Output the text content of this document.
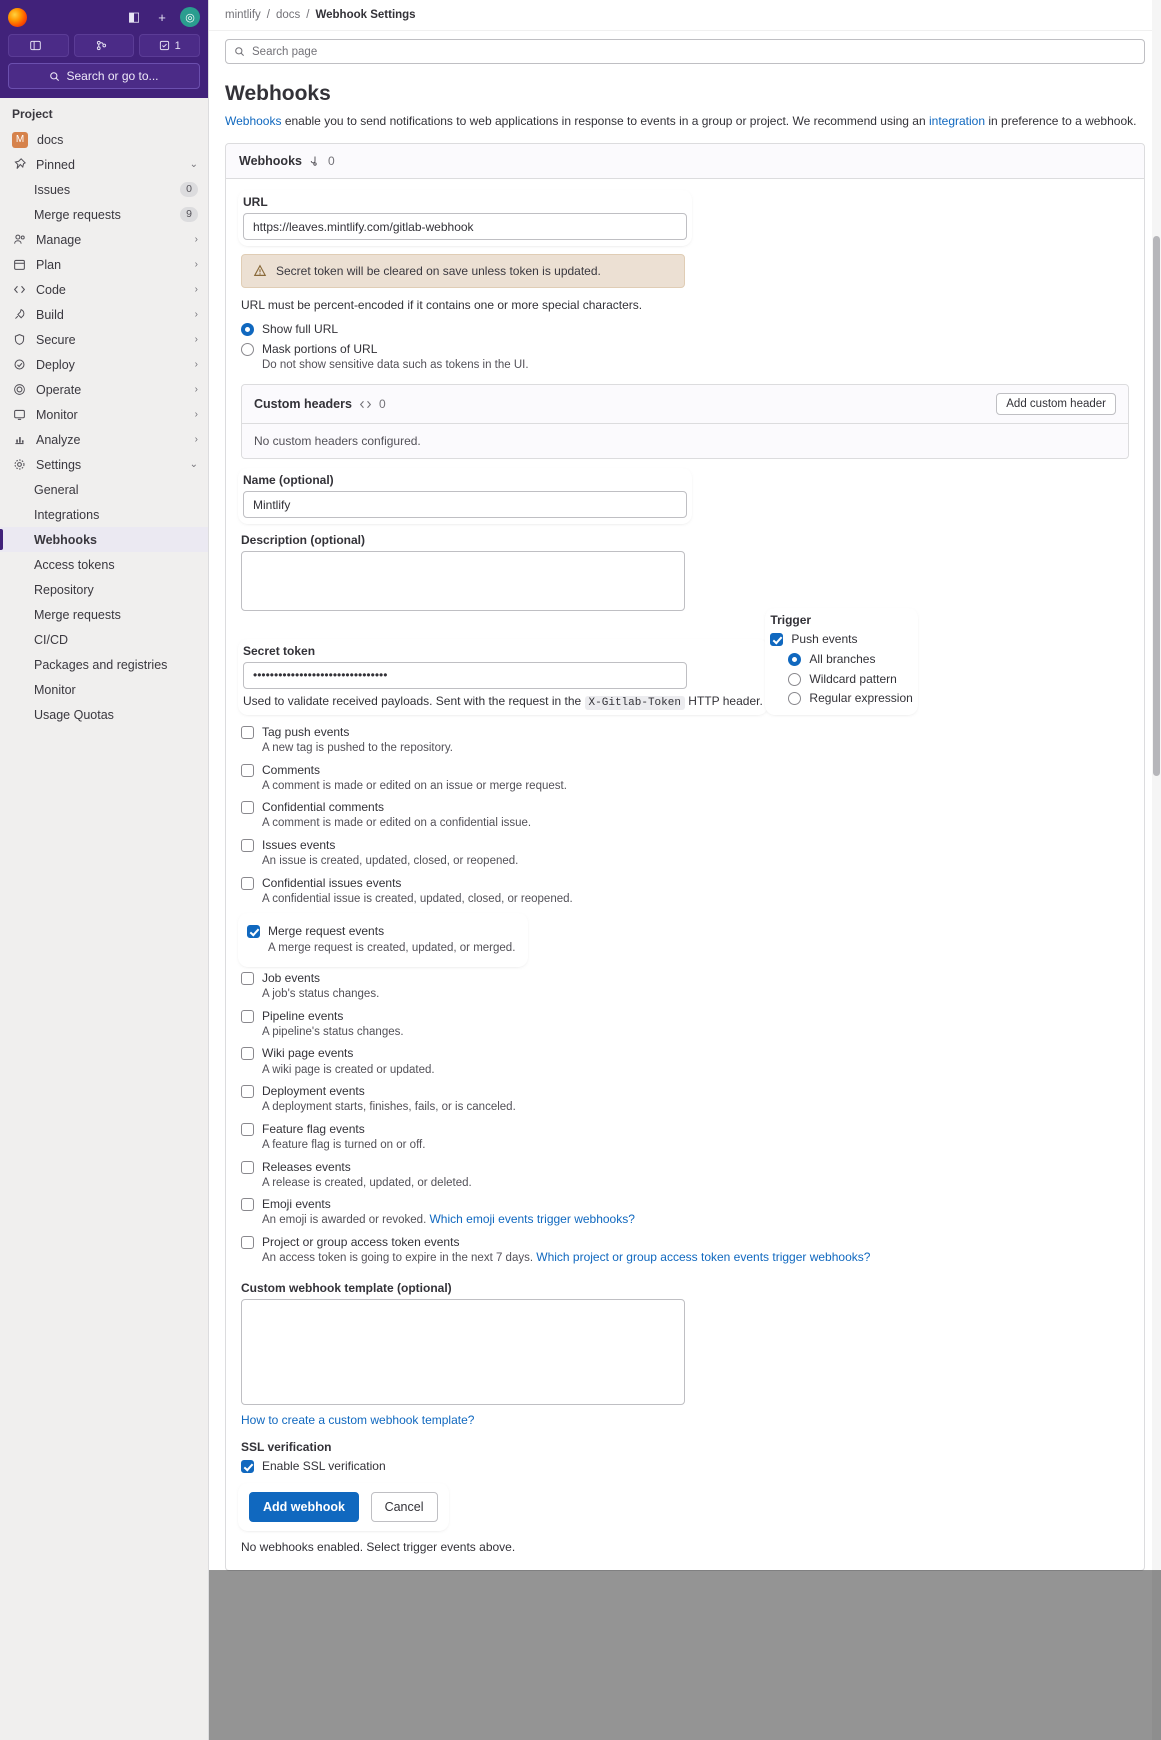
◧	+	◎
1
Search or go to...
Project
M	docs
Pinned	⌄
Issues	0
Merge requests	9
Manage	›
Plan	›
Code	›
Build	›
Secure	›
Deploy	›
Operate	›
Monitor	›
Analyze	›
Settings	⌄
General
Integrations
Webhooks
Access tokens
Repository
Merge requests
CI/CD
Packages and registries
Monitor
Usage Quotas
mintlify / docs / Webhook Settings
Search page
Webhooks
Webhooks enable you to send notifications to web applications in response to events in a group or project. We recommend using an integration in preference to a webhook.
Webhooks 0
URL
https://leaves.mintlify.com/gitlab-webhook
Secret token will be cleared on save unless token is updated.
URL must be percent-encoded if it contains one or more special characters.
Show full URL
Mask portions of URL
Do not show sensitive data such as tokens in the UI.
Custom headers 0	Add custom header
No custom headers configured.
Name (optional)
Mintlify
Description (optional)
Secret token
••••••••••••••••••••••••••••••••
Used to validate received payloads. Sent with the request in the X-Gitlab-Token HTTP header.

Trigger
Push events
All branches
Wildcard pattern
Regular expression
Tag push events
A new tag is pushed to the repository.
Comments
A comment is made or edited on an issue or merge request.
Confidential comments
A comment is made or edited on a confidential issue.
Issues events
An issue is created, updated, closed, or reopened.
Confidential issues events
A confidential issue is created, updated, closed, or reopened.
Merge request events
A merge request is created, updated, or merged.
Job events
A job's status changes.
Pipeline events
A pipeline's status changes.
Wiki page events
A wiki page is created or updated.
Deployment events
A deployment starts, finishes, fails, or is canceled.
Feature flag events
A feature flag is turned on or off.
Releases events
A release is created, updated, or deleted.
Emoji events
An emoji is awarded or revoked. Which emoji events trigger webhooks?
Project or group access token events
An access token is going to expire in the next 7 days. Which project or group access token events trigger webhooks?
Custom webhook template (optional)
How to create a custom webhook template?
SSL verification
Enable SSL verification
Add webhook	Cancel
No webhooks enabled. Select trigger events above.
